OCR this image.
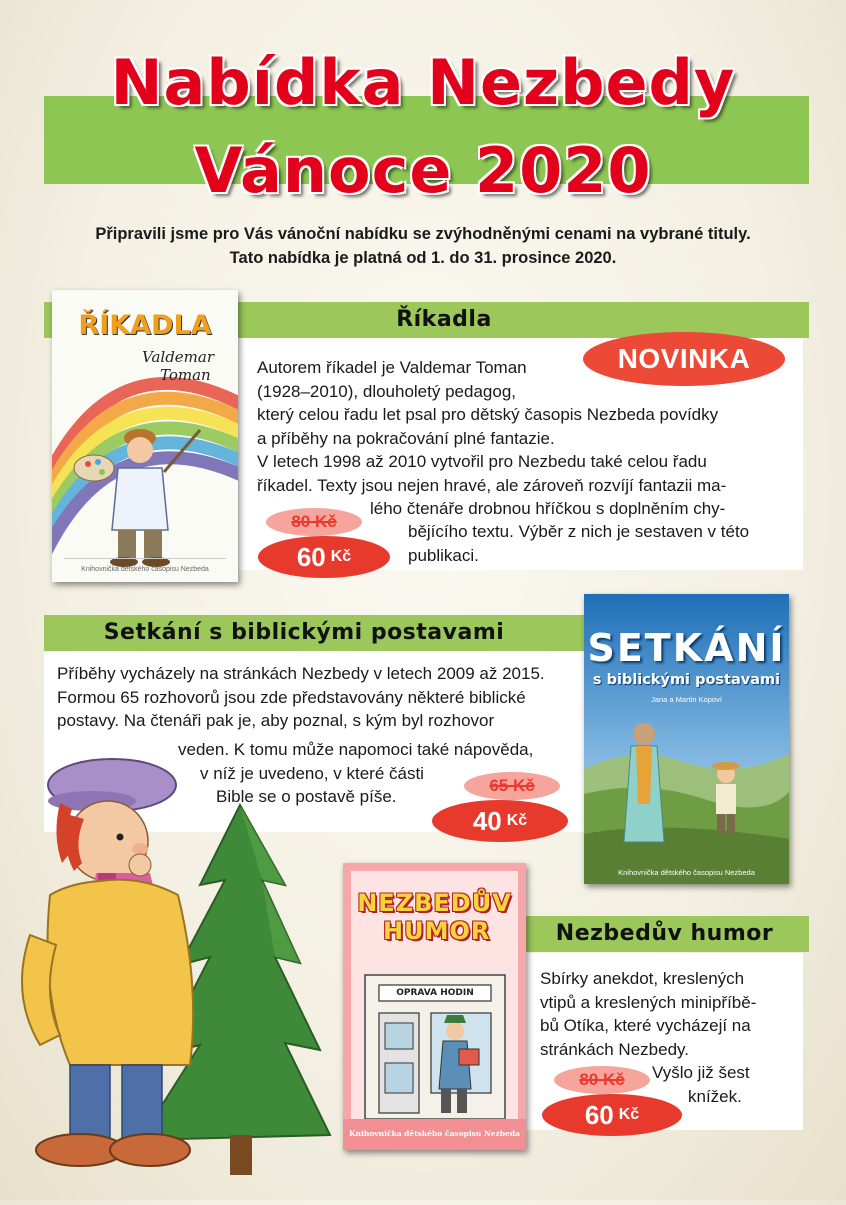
Nabídka Nezbedy
Vánoce 2020
Připravili jsme pro Vás vánoční nabídku se zvýhodněnými cenami na vybrané tituly.
Tato nabídka je platná od 1. do 31. prosince 2020.
Říkadla
ŘÍKADLA
Valdemar
Toman
Knihovnička dětského časopisu Nezbeda
NOVINKA
Autorem říkadel je Valdemar Toman
(1928–2010), dlouholetý pedagog,
který celou řadu let psal pro dětský časopis Nezbeda povídky
a příběhy na pokračování plné fantazie.
V letech 1998 až 2010 vytvořil pro Nezbedu také celou řadu
říkadel. Texty jsou nejen hravé, ale zároveň rozvíjí fantazii ma-
lého čtenáře drobnou hříčkou s doplněním chy-
bějícího textu. Výběr z nich je sestaven v této
publikaci.
80 Kč
60 Kč
Setkání s biblickými postavami
Příběhy vycházely na stránkách Nezbedy v letech 2009 až 2015.
Formou 65 rozhovorů jsou zde představovány některé biblické
postavy. Na čtenáři pak je, aby poznal, s kým byl rozhovor
veden. K tomu může napomoci také nápověda,
v níž je uvedeno, v které části
Bible se o postavě píše.
65 Kč
40 Kč
SETKÁNÍ
s biblickými postavami
Jana a Martin Kopoví
Knihovnička dětského časopisu Nezbeda
Nezbedův humor
Sbírky anekdot, kreslených
vtipů a kreslených minipříbě-
bů Otíka, které vycházejí na
stránkách Nezbedy.
Vyšlo již šest
knížek.
80 Kč
60 Kč
NEZBEDŮV
HUMOR
OPRAVA HODIN
Knihovnička dětského časopisu Nezbeda
